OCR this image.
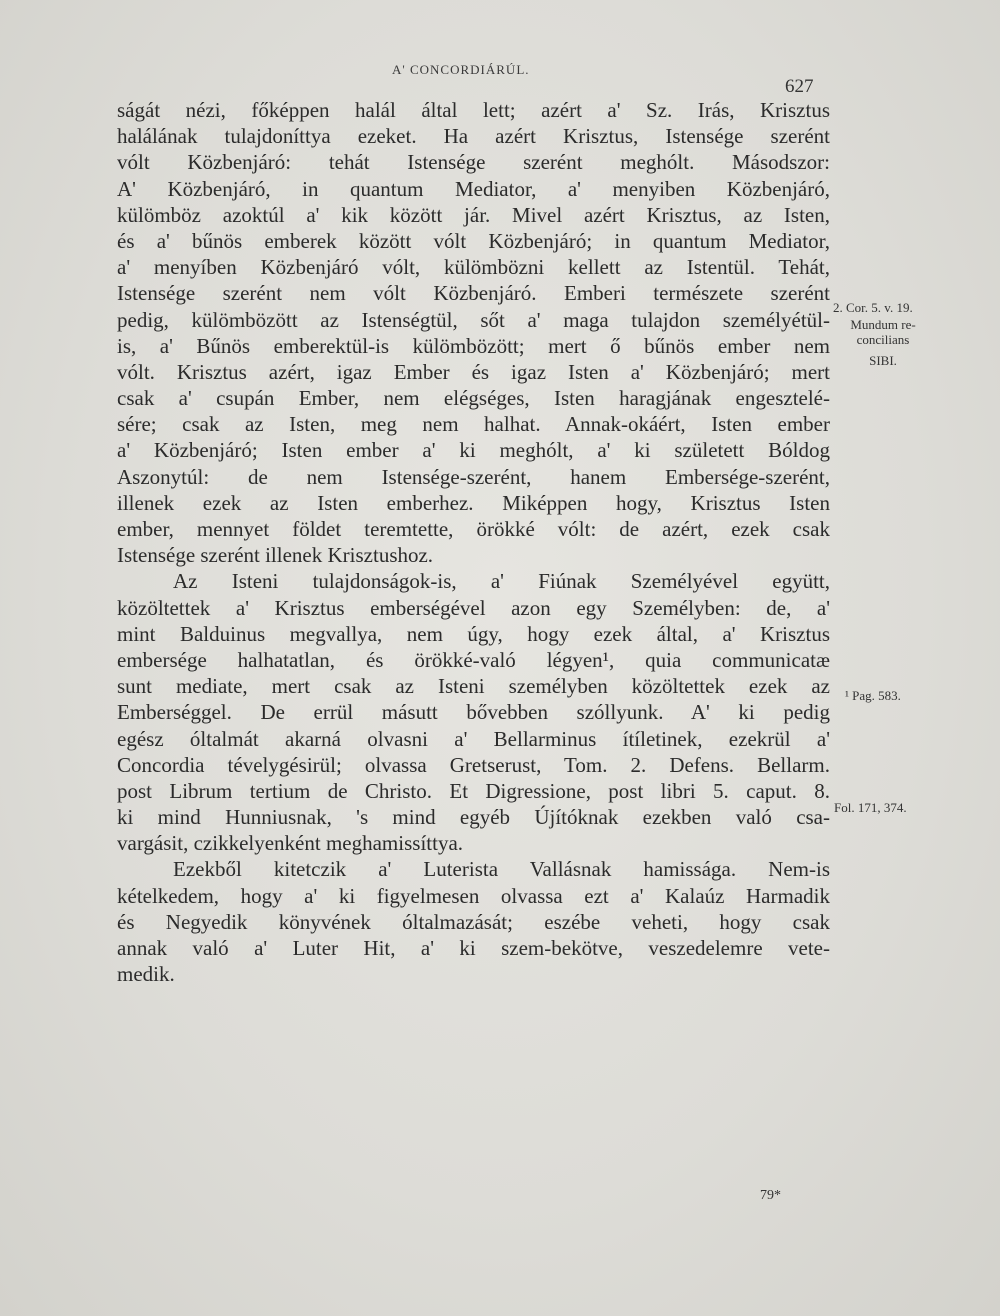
A' CONCORDIÁRÚL.
627
ságát nézi, főképpen halál által lett; azért a' Sz. Irás, Krisztus
halálának tulajdoníttya ezeket. Ha azért Krisztus, Istensége szerént
vólt Közbenjáró: tehát Istensége szerént meghólt. Másodszor:
A' Közbenjáró, in quantum Mediator, a' menyiben Közbenjáró,
külömböz azoktúl a' kik között jár. Mivel azért Krisztus, az Isten,
és a' bűnös emberek között vólt Közbenjáró; in quantum Mediator,
a' menyíben Közbenjáró vólt, külömbözni kellett az Istentül. Tehát,
Istensége szerént nem vólt Közbenjáró. Emberi természete szerént
pedig, külömbözött az Istenségtül, sőt a' maga tulajdon személyétül-
is, a' Bűnös emberektül-is külömbözött; mert ő bűnös ember nem
vólt. Krisztus azért, igaz Ember és igaz Isten a' Közbenjáró; mert
csak a' csupán Ember, nem elégséges, Isten haragjának engesztelé-
sére; csak az Isten, meg nem halhat. Annak-okáért, Isten ember
a' Közbenjáró; Isten ember a' ki meghólt, a' ki született Bóldog
Aszonytúl: de nem Istensége-szerént, hanem Embersége-szerént,
illenek ezek az Isten emberhez. Miképpen hogy, Krisztus Isten
ember, mennyet földet teremtette, örökké vólt: de azért, ezek csak
Istensége szerént illenek Krisztushoz.
Az Isteni tulajdonságok-is, a' Fiúnak Személyével együtt,
közöltettek a' Krisztus emberségével azon egy Személyben: de, a'
mint Balduinus megvallya, nem úgy, hogy ezek által, a' Krisztus
embersége halhatatlan, és örökké-való légyen¹, quia communicatæ
sunt mediate, mert csak az Isteni személyben közöltettek ezek az
Emberséggel. De errül másutt bővebben szóllyunk. A' ki pedig
egész óltalmát akarná olvasni a' Bellarminus ítíletinek, ezekrül a'
Concordia tévelygésirül; olvassa Gretserust, Tom. 2. Defens. Bellarm.
post Librum tertium de Christo. Et Digressione, post libri 5. caput. 8.
ki mind Hunniusnak, 's mind egyéb Újítóknak ezekben való csa-
vargásit, czikkelyenként meghamissíttya.
Ezekből kitetczik a' Luterista Vallásnak hamissága. Nem-is
kételkedem, hogy a' ki figyelmesen olvassa ezt a' Kalaúz Harmadik
és Negyedik könyvének óltalmazását; eszébe veheti, hogy csak
annak való a' Luter Hit, a' ki szem-bekötve, veszedelemre vete-
medik.
2. Cor. 5. v. 19.
Mundum re-
concilians
SIBI.
¹ Pag. 583.
Fol. 171, 374.
79*
